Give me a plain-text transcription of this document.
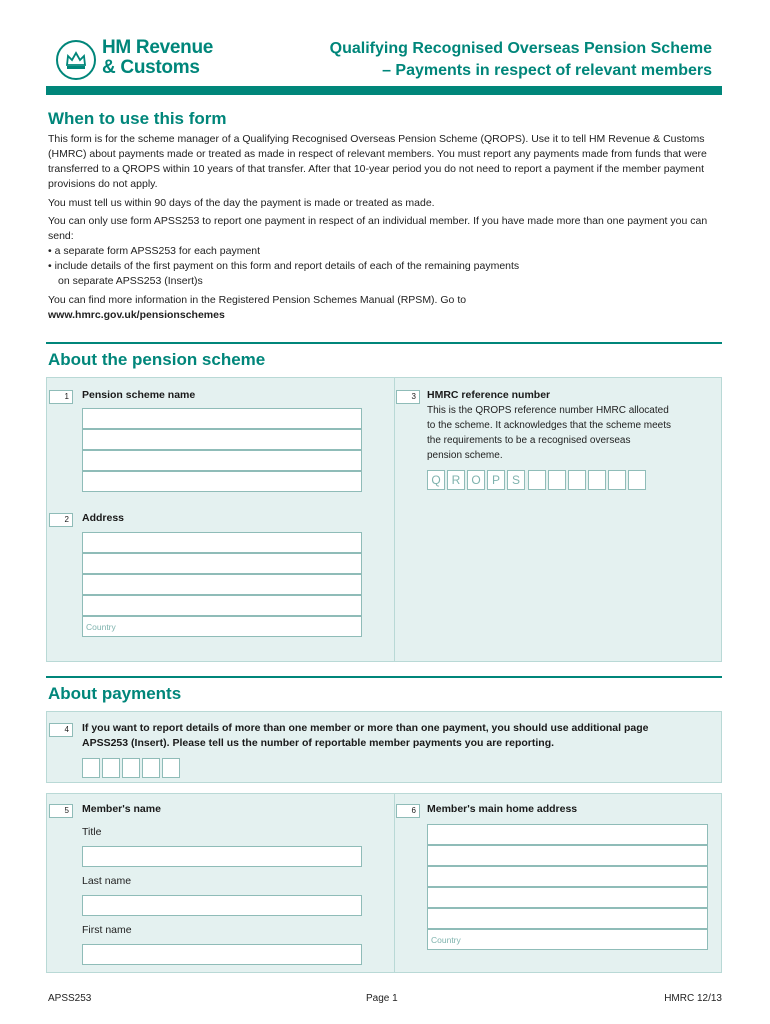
HM Revenue
& Customs
Qualifying Recognised Overseas Pension Scheme
– Payments in respect of relevant members
When to use this form

This form is for the scheme manager of a Qualifying Recognised Overseas Pension Scheme (QROPS). Use it to tell HM Revenue & Customs (HMRC) about payments made or treated as made in respect of relevant members. You must report any payments made from funds that were transferred to a QROPS within 10 years of that transfer. After that 10-year period you do not need to report a payment if the member payment provisions do not apply.

You must tell us within 90 days of the day the payment is made or treated as made.

You can only use form APSS253 to report one payment in respect of an individual member. If you have made more than one payment you can send:

• a separate form APSS253 for each payment
• include details of the first payment on this form and report details of each of the remaining payments

on separate APSS253 (Insert)s

You can find more information in the Registered Pension Schemes Manual (RPSM). Go to
www.hmrc.gov.uk/pensionschemes
About the pension scheme
1	Pension scheme name
2	Address
Country
3	HMRC reference number
This is the QROPS reference number HMRC allocated
to the scheme. It acknowledges that the scheme meets
the requirements to be a recognised overseas
pension scheme.
Q R O P S
About payments
4	If you want to report details of more than one member or more than one payment, you should use additional page
APSS253 (Insert). Please tell us the number of reportable member payments you are reporting.
5	Member's name
Title
Last name
First name
6	Member's main home address
Country
APSS253	Page 1	HMRC 12/13
